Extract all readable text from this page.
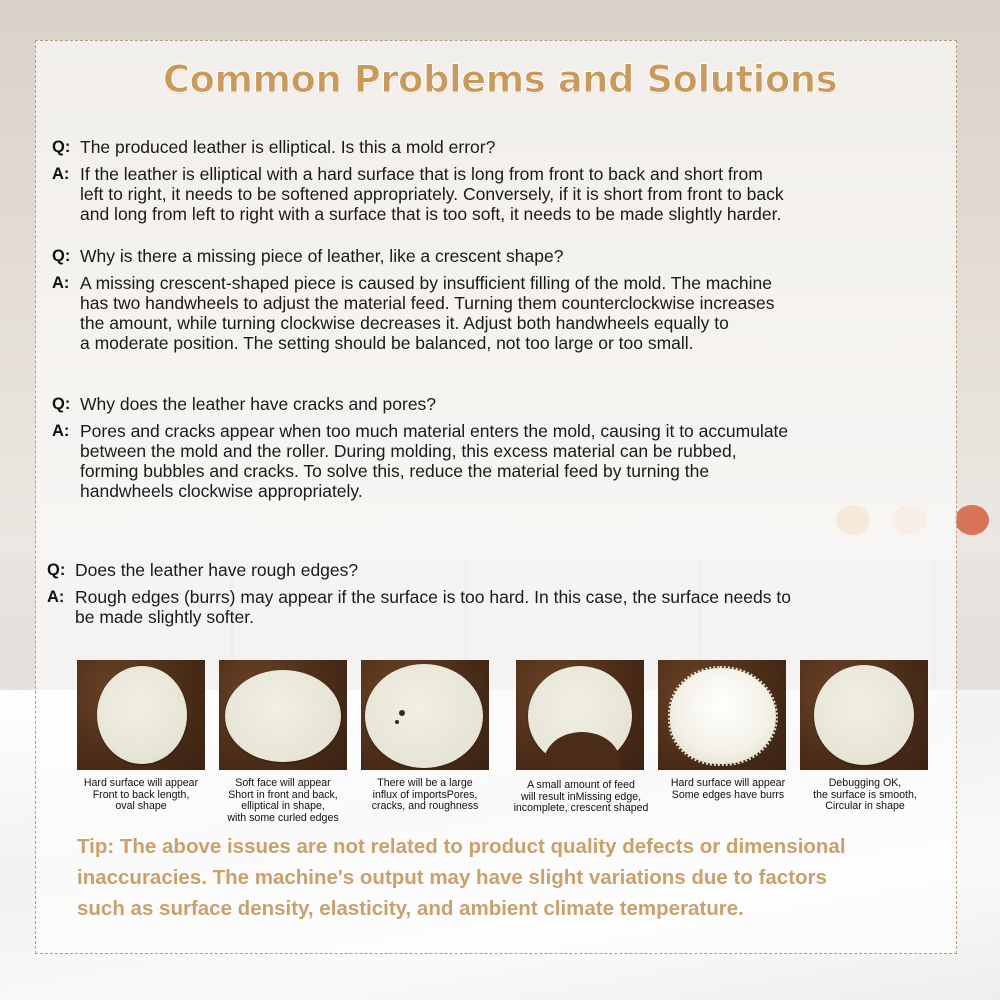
Common Problems and Solutions
Q: The produced leather is elliptical. Is this a mold error?
A: If the leather is elliptical with a hard surface that is long from front to back and short from
left to right, it needs to be softened appropriately. Conversely, if it is short from front to back
and long from left to right with a surface that is too soft, it needs to be made slightly harder.
Q: Why is there a missing piece of leather, like a crescent shape?
A: A missing crescent-shaped piece is caused by insufficient filling of the mold. The machine
has two handwheels to adjust the material feed. Turning them counterclockwise increases
the amount, while turning clockwise decreases it. Adjust both handwheels equally to
a moderate position. The setting should be balanced, not too large or too small.
Q: Why does the leather have cracks and pores?
A: Pores and cracks appear when too much material enters the mold, causing it to accumulate
between the mold and the roller. During molding, this excess material can be rubbed,
forming bubbles and cracks. To solve this, reduce the material feed by turning the
handwheels clockwise appropriately.
Q: Does the leather have rough edges?
A: Rough edges (burrs) may appear if the surface is too hard. In this case, the surface needs to
be made slightly softer.
Hard surface will appear
Front to back length,
oval shape
Soft face will appear
Short in front and back,
elliptical in shape,
with some curled edges
There will be a large
influx of importsPores,
cracks, and roughness
A small amount of feed
will result inMissing edge,
incomplete, crescent shaped
Hard surface will appear
Some edges have burrs
Debugging OK,
the surface is smooth,
Circular in shape
Tip: The above issues are not related to product quality defects or dimensional
inaccuracies. The machine's output may have slight variations due to factors
such as surface density, elasticity, and ambient climate temperature.
